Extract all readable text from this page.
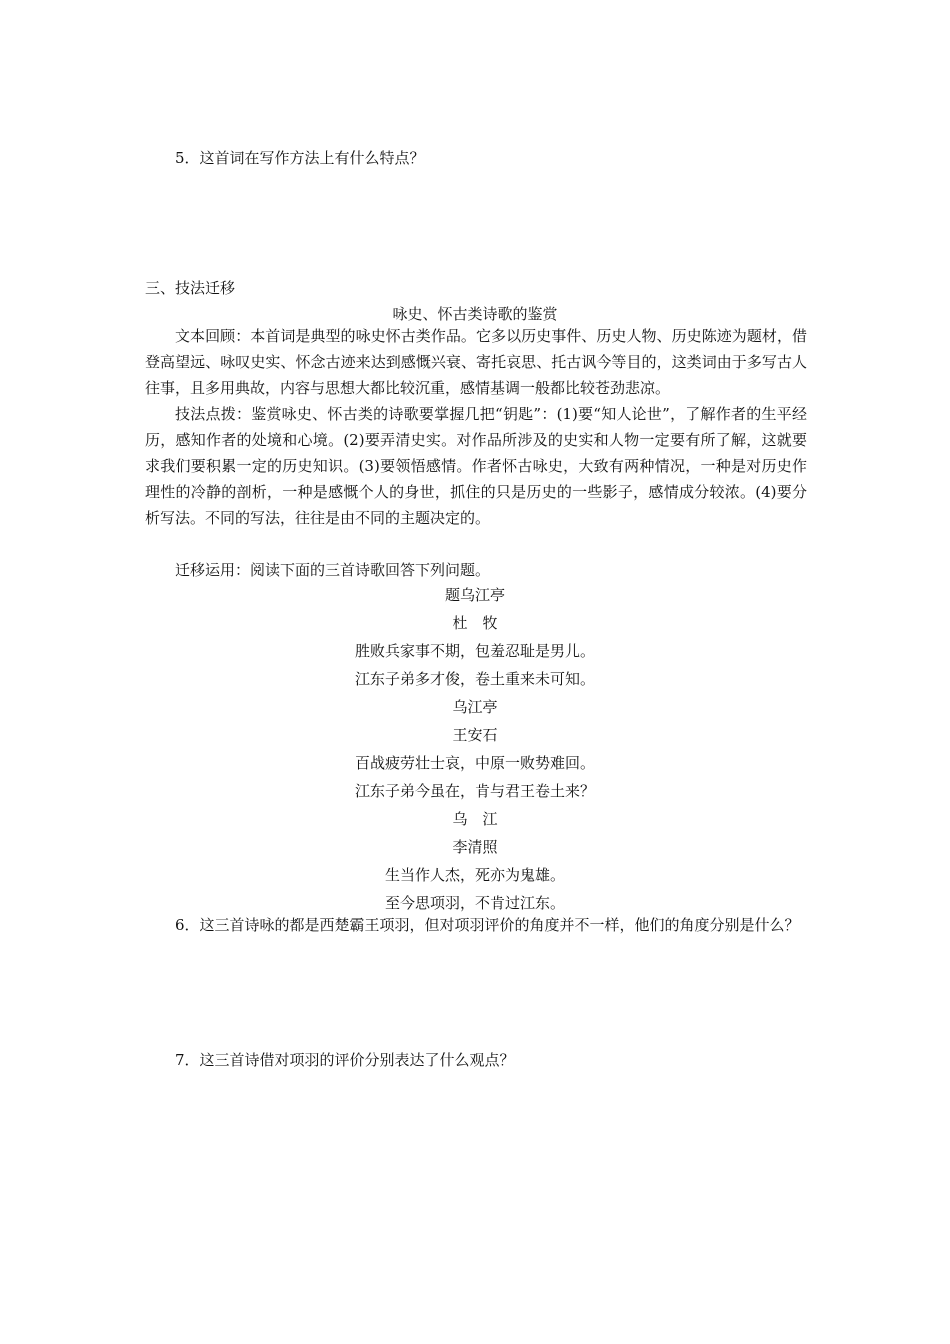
5．这首词在写作方法上有什么特点？
三、技法迁移
咏史、怀古类诗歌的鉴赏
文本回顾：本首词是典型的咏史怀古类作品。它多以历史事件、历史人物、历史陈迹为题材，借登高望远、咏叹史实、怀念古迹来达到感慨兴衰、寄托哀思、托古讽今等目的，这类词由于多写古人往事，且多用典故，内容与思想大都比较沉重，感情基调一般都比较苍劲悲凉。
技法点拨：鉴赏咏史、怀古类的诗歌要掌握几把“钥匙”：(1)要“知人论世”，了解作者的生平经历，感知作者的处境和心境。(2)要弄清史实。对作品所涉及的史实和人物一定要有所了解，这就要求我们要积累一定的历史知识。(3)要领悟感情。作者怀古咏史，大致有两种情况，一种是对历史作理性的冷静的剖析，一种是感慨个人的身世，抓住的只是历史的一些影子，感情成分较浓。(4)要分析写法。不同的写法，往往是由不同的主题决定的。
迁移运用：阅读下面的三首诗歌回答下列问题。
题乌江亭
杜　牧
胜败兵家事不期，包羞忍耻是男儿。
江东子弟多才俊，卷土重来未可知。
乌江亭
王安石
百战疲劳壮士哀，中原一败势难回。
江东子弟今虽在，肯与君王卷土来？
乌　江
李清照
生当作人杰，死亦为鬼雄。
至今思项羽，不肯过江东。
6．这三首诗咏的都是西楚霸王项羽，但对项羽评价的角度并不一样，他们的角度分别是什么？
7．这三首诗借对项羽的评价分别表达了什么观点？
